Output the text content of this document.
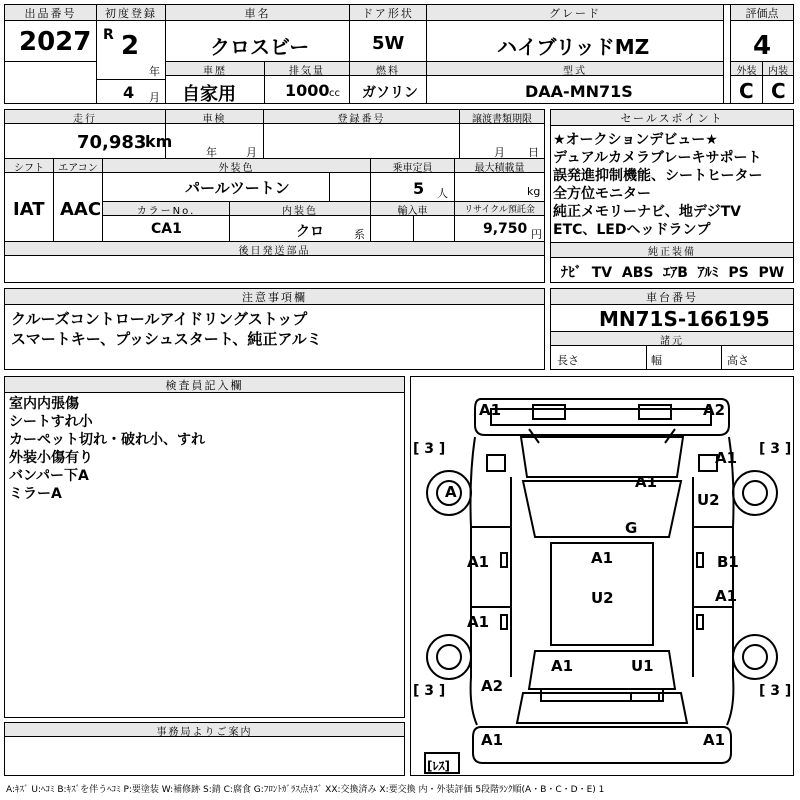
出品番号
2027
初度登録
R 2
年
4 月
車名
クロスビー
ドア形状
5W
グレード
ハイブリッドMZ
評価点
4
車歴
自家用
排気量
1000 cc
燃料
ガソリン
型式
DAA-MN71S
外装
C
内装
C
走行
70,983
km
車検
年	月
登録番号	譲渡書類期限
月 日
シフト
IAT
エアコン
AAC
外装色
パールツートン
乗車定員
5 人
最大積載量
kg
カラーNo.
CA1
内装色
クロ	系
輸入車	リサイクル預託金
9,750 円
後日発送部品
セールスポイント
★オークションデビュー★
デュアルカメラブレーキサポート
誤発進抑制機能、シートヒーター
全方位モニター
純正メモリーナビ、地デジTV
ETC、LEDヘッドランプ
純正装備
ﾅﾋﾞ TV ABS ｴｱB ｱﾙﾐ PS PW
注意事項欄
クルーズコントロールアイドリングストップ
スマートキー、プッシュスタート、純正アルミ
車台番号
MN71S-166195
諸元
長さ	幅	高さ
検査員記入欄
室内内張傷
シートすれ小
カーペット切れ・破れ小、すれ
外装小傷有り
バンパー下A
ミラーA
事務局よりご案内
A1	A2
A1
A
A1
U2
G
A1	A1	B1
A1
U2
A1
A1	U1
A2
A1	A1
[ 3 ]	[ 3 ]
[ 3 ]	[ 3 ]
[ﾚｽ]
A:ｷｽﾞ U:ﾍｺﾐ B:ｷｽﾞを伴うﾍｺﾐ P:要塗装 W:補修跡 S:錆 C:腐食 G:ﾌﾛﾝﾄｶﾞﾗｽ点ｷｽﾞ XX:交換済み X:要交換 内・外装評価 5段階ﾗﾝｸ順(A・B・C・D・E) 1
